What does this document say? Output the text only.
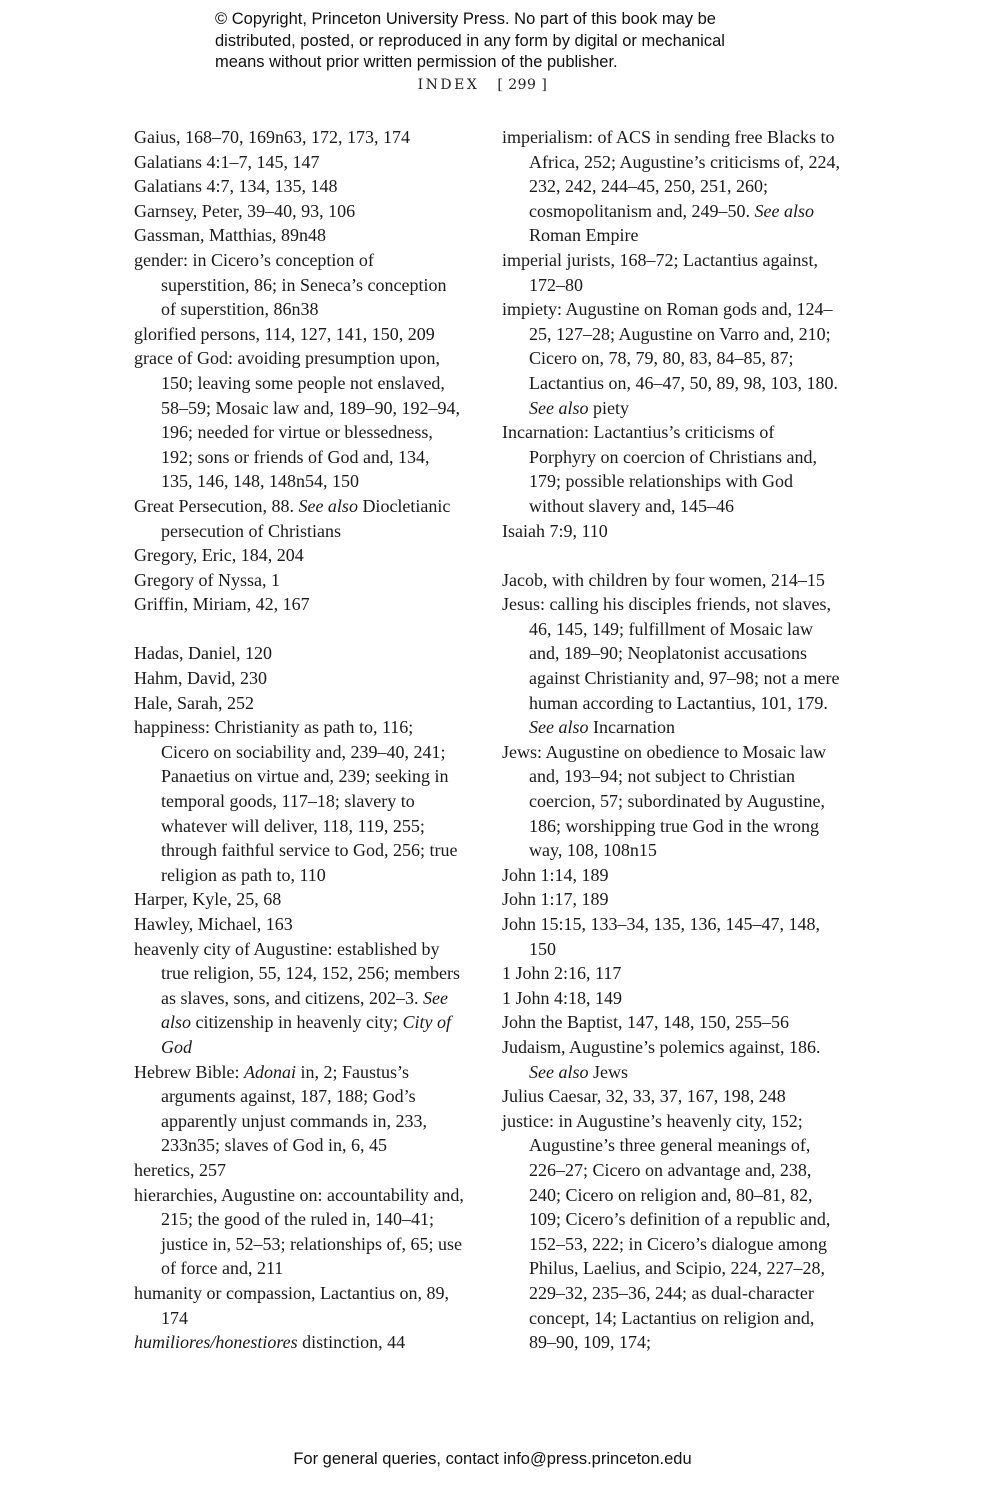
© Copyright, Princeton University Press. No part of this book may be
distributed, posted, or reproduced in any form by digital or mechanical
means without prior written permission of the publisher.
INDEX [ 299 ]

Gaius, 168–70, 169n63, 172, 173, 174

Galatians 4:1–7, 145, 147

Galatians 4:7, 134, 135, 148

Garnsey, Peter, 39–40, 93, 106

Gassman, Matthias, 89n48

gender: in Cicero’s conception of superstition, 86; in Seneca’s conception of superstition, 86n38

glorified persons, 114, 127, 141, 150, 209

grace of God: avoiding presumption upon, 150; leaving some people not enslaved, 58–59; Mosaic law and, 189–90, 192–94, 196; needed for virtue or blessedness, 192; sons or friends of God and, 134, 135, 146, 148, 148n54, 150

Great Persecution, 88. See also Diocletianic persecution of Christians

Gregory, Eric, 184, 204

Gregory of Nyssa, 1

Griffin, Miriam, 42, 167

Hadas, Daniel, 120

Hahm, David, 230

Hale, Sarah, 252

happiness: Christianity as path to, 116; Cicero on sociability and, 239–40, 241; Panaetius on virtue and, 239; seeking in temporal goods, 117–18; slavery to whatever will deliver, 118, 119, 255; through faithful service to God, 256; true religion as path to, 110

Harper, Kyle, 25, 68

Hawley, Michael, 163

heavenly city of Augustine: established by true religion, 55, 124, 152, 256; members as slaves, sons, and citizens, 202–3. See also citizenship in heavenly city; City of God

Hebrew Bible: Adonai in, 2; Faustus’s arguments against, 187, 188; God’s apparently unjust commands in, 233, 233n35; slaves of God in, 6, 45

heretics, 257

hierarchies, Augustine on: accountability and, 215; the good of the ruled in, 140–41; justice in, 52–53; relationships of, 65; use of force and, 211

humanity or compassion, Lactantius on, 89, 174

humiliores/honestiores distinction, 44

imperialism: of ACS in sending free Blacks to Africa, 252; Augustine’s criticisms of, 224, 232, 242, 244–45, 250, 251, 260; cosmopolitanism and, 249–50. See also Roman Empire

imperial jurists, 168–72; Lactantius against, 172–80

impiety: Augustine on Roman gods and, 124–25, 127–28; Augustine on Varro and, 210; Cicero on, 78, 79, 80, 83, 84–85, 87; Lactantius on, 46–47, 50, 89, 98, 103, 180. See also piety

Incarnation: Lactantius’s criticisms of Porphyry on coercion of Christians and, 179; possible relationships with God without slavery and, 145–46

Isaiah 7:9, 110

Jacob, with children by four women, 214–15

Jesus: calling his disciples friends, not slaves, 46, 145, 149; fulfillment of Mosaic law and, 189–90; Neoplatonist accusations against Christianity and, 97–98; not a mere human according to Lactantius, 101, 179. See also Incarnation

Jews: Augustine on obedience to Mosaic law and, 193–94; not subject to Christian coercion, 57; subordinated by Augustine, 186; worshipping true God in the wrong way, 108, 108n15

John 1:14, 189

John 1:17, 189

John 15:15, 133–34, 135, 136, 145–47, 148, 150

1 John 2:16, 117

1 John 4:18, 149

John the Baptist, 147, 148, 150, 255–56

Judaism, Augustine’s polemics against, 186. See also Jews

Julius Caesar, 32, 33, 37, 167, 198, 248

justice: in Augustine’s heavenly city, 152; Augustine’s three general meanings of, 226–27; Cicero on advantage and, 238, 240; Cicero on religion and, 80–81, 82, 109; Cicero’s definition of a republic and, 152–53, 222; in Cicero’s dialogue among Philus, Laelius, and Scipio, 224, 227–28, 229–32, 235–36, 244; as dual-character concept, 14; Lactantius on religion and, 89–90, 109, 174;

For general queries, contact info@press.princeton.edu
